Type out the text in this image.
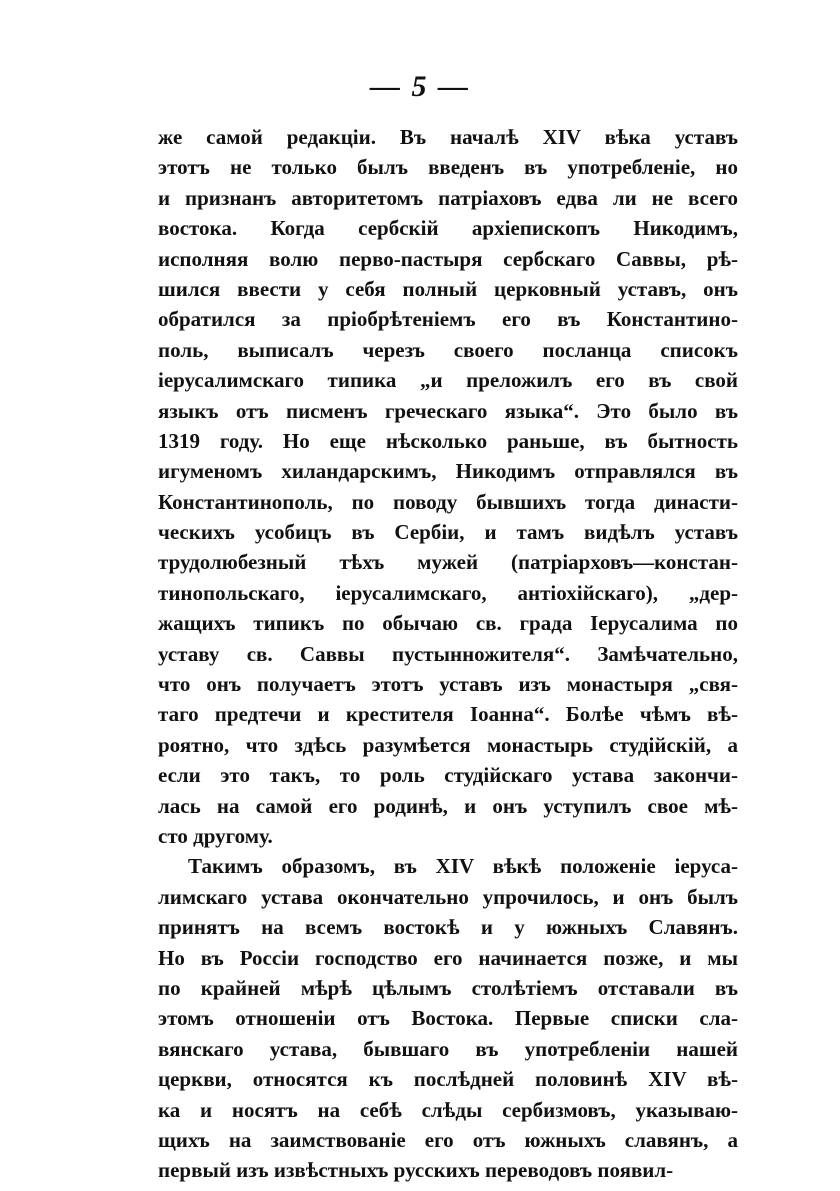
— 5 —
же самой редакціи. Въ началѣ XIV вѣка уставъ
этотъ не только былъ введенъ въ употребленіе, но
и признанъ авторитетомъ патріаховъ едва ли не всего
востока. Когда сербскій архіепископъ Никодимъ,
исполняя волю перво-пастыря сербскаго Саввы, рѣ-
шился ввести у себя полный церковный уставъ, онъ
обратился за пріобрѣтеніемъ его въ Константино-
поль, выписалъ черезъ своего посланца списокъ
іерусалимскаго типика „и преложилъ его въ свой
языкъ отъ писменъ греческаго языка“. Это было въ
1319 году. Но еще нѣсколько раньше, въ бытность
игуменомъ хиландарскимъ, Никодимъ отправлялся въ
Константинополь, по поводу бывшихъ тогда династи-
ческихъ усобицъ въ Сербіи, и тамъ видѣлъ уставъ
трудолюбезный тѣхъ мужей (патріарховъ—констан-
тинопольскаго, іерусалимскаго, антіохійскаго), „дер-
жащихъ типикъ по обычаю св. града Іерусалима по
уставу св. Саввы пустынножителя“. Замѣчательно,
что онъ получаетъ этотъ уставъ изъ монастыря „свя-
таго предтечи и крестителя Іоанна“. Болѣе чѣмъ вѣ-
роятно, что здѣсь разумѣется монастырь студійскій, а
если это такъ, то роль студійскаго устава закончи-
лась на самой его родинѣ, и онъ уступилъ свое мѣ-
сто другому.
Такимъ образомъ, въ XIV вѣкѣ положеніе іеруса-
лимскаго устава окончательно упрочилось, и онъ былъ
принятъ на всемъ востокѣ и у южныхъ Славянъ.
Но въ Россіи господство его начинается позже, и мы
по крайней мѣрѣ цѣлымъ столѣтіемъ отставали въ
этомъ отношеніи отъ Востока. Первые списки сла-
вянскаго устава, бывшаго въ употребленіи нашей
церкви, относятся къ послѣдней половинѣ XIV вѣ-
ка и носятъ на себѣ слѣды сербизмовъ, указываю-
щихъ на заимствованіе его отъ южныхъ славянъ, а
первый изъ извѣстныхъ русскихъ переводовъ появил-
